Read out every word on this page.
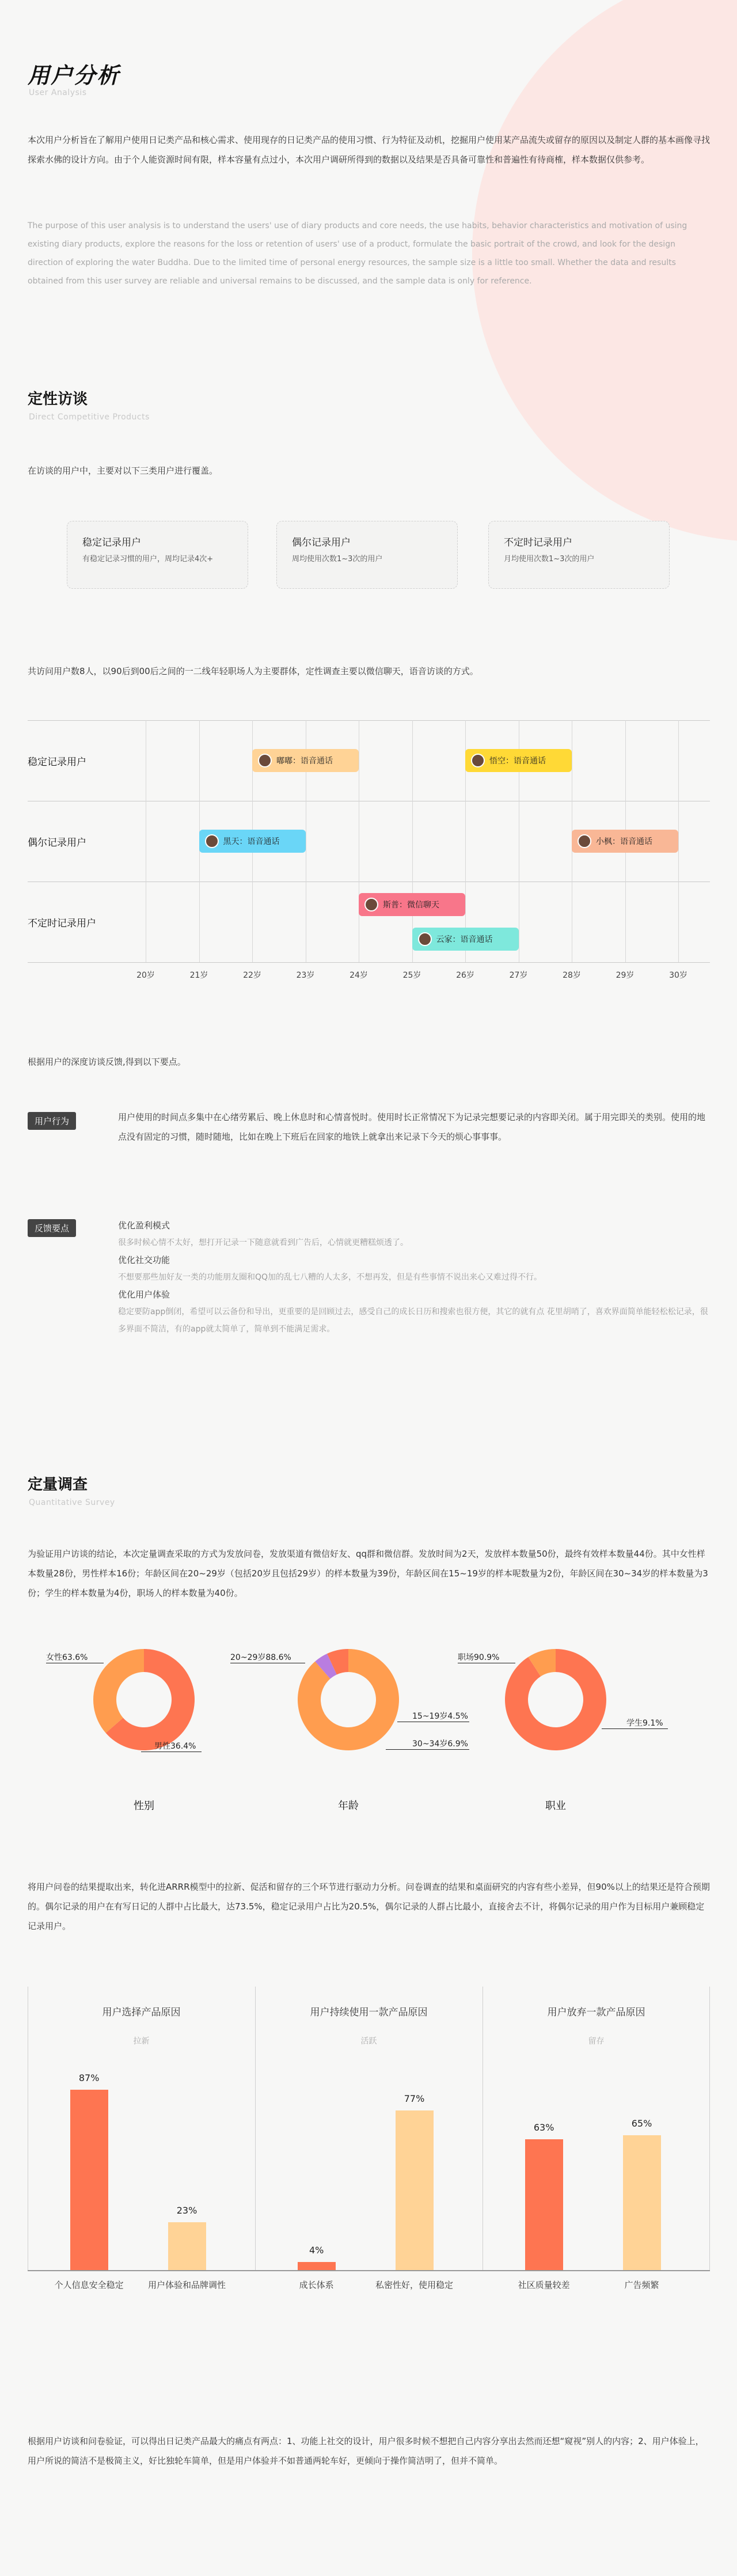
用户分析
User Analysis
本次用户分析旨在了解用户使用日记类产品和核心需求、使用现存的日记类产品的使用习惯、行为特征及动机，挖掘用户使用某产品流失或留存的原因以及制定人群的基本画像寻找探索水佛的设计方向。由于个人能资源时间有限，样本容量有点过小，本次用户调研所得到的数据以及结果是否具备可靠性和普遍性有待商榷，样本数据仅供参考。
The purpose of this user analysis is to understand the users' use of diary products and core needs, the use habits, behavior characteristics and motivation of using existing diary products, explore the reasons for the loss or retention of users' use of a product, formulate the basic portrait of the crowd, and look for the design direction of exploring the water Buddha. Due to the limited time of personal energy resources, the sample size is a little too small. Whether the data and results obtained from this user survey are reliable and universal remains to be discussed, and the sample data is only for reference.
定性访谈
Direct Competitive Products
在访谈的用户中，主要对以下三类用户进行覆盖。
稳定记录用户
有稳定记录习惯的用户，周均记录4次+
偶尔记录用户
周均使用次数1~3次的用户
不定时记录用户
月均使用次数1~3次的用户
共访问用户数8人，以90后到00后之间的一二线年轻职场人为主要群体，定性调查主要以微信聊天，语音访谈的方式。
稳定记录用户
偶尔记录用户
不定时记录用户
20岁	21岁	22岁	23岁	24岁	25岁	26岁	27岁	28岁	29岁	30岁
嘟嘟：语音通话	悟空：语音通话
黑天：语音通话	小枫：语音通话
斯普：微信聊天
云家：语音通话
根据用户的深度访谈反馈,得到以下要点。
用户行为	用户使用的时间点多集中在心绪劳累后、晚上休息时和心情喜悦时。使用时长正常情况下为记录完想要记录的内容即关闭。属于用完即关的类别。使用的地点没有固定的习惯，随时随地，比如在晚上下班后在回家的地铁上就拿出来记录下今天的烦心事事事。
反馈要点	优化盈利模式
很多时候心情不太好，想打开记录一下随意就看到广告后，心情就更糟糕烦透了。
优化社交功能
不想要那些加好友一类的功能朋友圈和QQ加的乱七八糟的人太多，不想再发，但是有些事情不说出来心又难过得不行。
优化用户体验
稳定要防app倒闭，希望可以云备份和导出，更重要的是回顾过去，感受自己的成长日历和搜索也很方便，其它的就有点 花里胡哨了，喜欢界面简单能轻松松记录，很多界面不简洁，有的app就太简单了，简单到不能满足需求。
定量调查
Quantitative Survey
为验证用户访谈的结论，本次定量调查采取的方式为发放问卷，发放渠道有微信好友、qq群和微信群。发放时间为2天，发放样本数量50份，最终有效样本数量44份。其中女性样本数量28份，男性样本16份；年龄区间在20~29岁（包括20岁且包括29岁）的样本数量为39份，年龄区间在15~19岁的样本呢数量为2份，年龄区间在30~34岁的样本数量为3份；学生的样本数量为4份，职场人的样本数量为40份。
女性63.6%
男性36.4%
20~29岁88.6%
15~19岁4.5%
30~34岁6.9%
职场90.9%
学生9.1%
性别	年龄	职业
将用户问卷的结果提取出来，转化进ARRR模型中的拉新、促活和留存的三个环节进行驱动力分析。问卷调查的结果和桌面研究的内容有些小差异，但90%以上的结果还是符合预期的。偶尔记录的用户在有写日记的人群中占比最大，达73.5%，稳定记录用户占比为20.5%，偶尔记录的人群占比最小，直接舍去不计，将偶尔记录的用户作为目标用户兼顾稳定记录用户。
用户选择产品原因
拉新
87%
个人信息安全稳定
23%
用户体验和品牌调性
用户持续使用一款产品原因
活跃
4%
成长体系
77%
私密性好，使用稳定
用户放弃一款产品原因
留存
63%
社区质量较差
65%
广告频繁
根据用户访谈和问卷验证，可以得出日记类产品最大的痛点有两点：1、功能上社交的设计，用户很多时候不想把自己内容分享出去然而还想“窥视”别人的内容；2、用户体验上，用户所说的简洁不是极简主义，好比独轮车简单，但是用户体验并不如普通两轮车好，更倾向于操作简洁明了，但并不简单。
